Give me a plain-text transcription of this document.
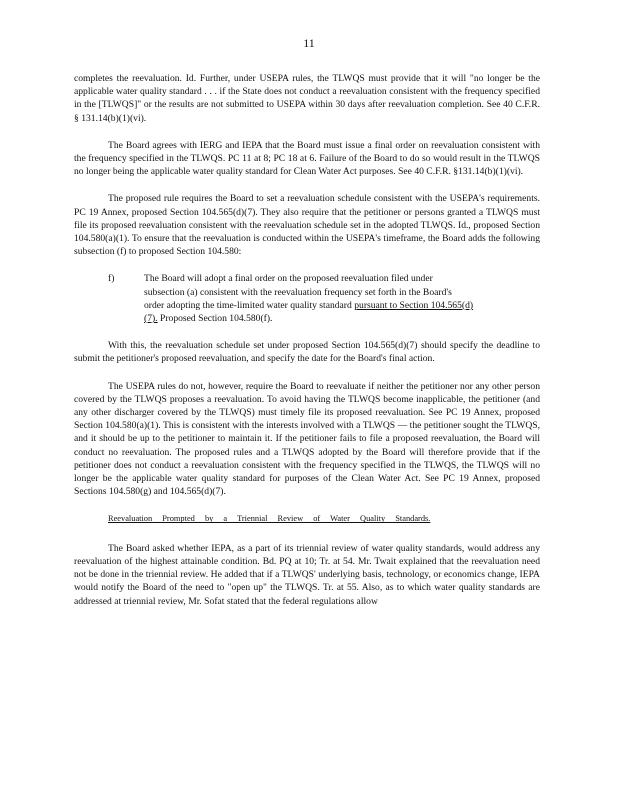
11

completes the reevaluation. Id. Further, under USEPA rules, the TLWQS must provide that it will "no longer be the applicable water quality standard . . . if the State does not conduct a reevaluation consistent with the frequency specified in the [TLWQS]" or the results are not submitted to USEPA within 30 days after reevaluation completion. See 40 C.F.R. § 131.14(b)(1)(vi).

The Board agrees with IERG and IEPA that the Board must issue a final order on reevaluation consistent with the frequency specified in the TLWQS. PC 11 at 8; PC 18 at 6. Failure of the Board to do so would result in the TLWQS no longer being the applicable water quality standard for Clean Water Act purposes. See 40 C.F.R. §131.14(b)(1)(vi).

The proposed rule requires the Board to set a reevaluation schedule consistent with the USEPA's requirements. PC 19 Annex, proposed Section 104.565(d)(7). They also require that the petitioner or persons granted a TLWQS must file its proposed reevaluation consistent with the reevaluation schedule set in the adopted TLWQS. Id., proposed Section 104.580(a)(1). To ensure that the reevaluation is conducted within the USEPA's timeframe, the Board adds the following subsection (f) to proposed Section 104.580:

f)	The Board will adopt a final order on the proposed reevaluation filed under subsection (a) consistent with the reevaluation frequency set forth in the Board's order adopting the time-limited water quality standard pursuant to Section 104.565(d)(7). Proposed Section 104.580(f).

With this, the reevaluation schedule set under proposed Section 104.565(d)(7) should specify the deadline to submit the petitioner's proposed reevaluation, and specify the date for the Board's final action.

The USEPA rules do not, however, require the Board to reevaluate if neither the petitioner nor any other person covered by the TLWQS proposes a reevaluation. To avoid having the TLWQS become inapplicable, the petitioner (and any other discharger covered by the TLWQS) must timely file its proposed reevaluation. See PC 19 Annex, proposed Section 104.580(a)(1). This is consistent with the interests involved with a TLWQS — the petitioner sought the TLWQS, and it should be up to the petitioner to maintain it. If the petitioner fails to file a proposed reevaluation, the Board will conduct no reevaluation. The proposed rules and a TLWQS adopted by the Board will therefore provide that if the petitioner does not conduct a reevaluation consistent with the frequency specified in the TLWQS, the TLWQS will no longer be the applicable water quality standard for purposes of the Clean Water Act. See PC 19 Annex, proposed Sections 104.580(g) and 104.565(d)(7).

Reevaluation Prompted by a Triennial Review of Water Quality Standards.

The Board asked whether IEPA, as a part of its triennial review of water quality standards, would address any reevaluation of the highest attainable condition. Bd. PQ at 10; Tr. at 54. Mr. Twait explained that the reevaluation need not be done in the triennial review. He added that if a TLWQS' underlying basis, technology, or economics change, IEPA would notify the Board of the need to "open up" the TLWQS. Tr. at 55. Also, as to which water quality standards are addressed at triennial review, Mr. Sofat stated that the federal regulations allow
